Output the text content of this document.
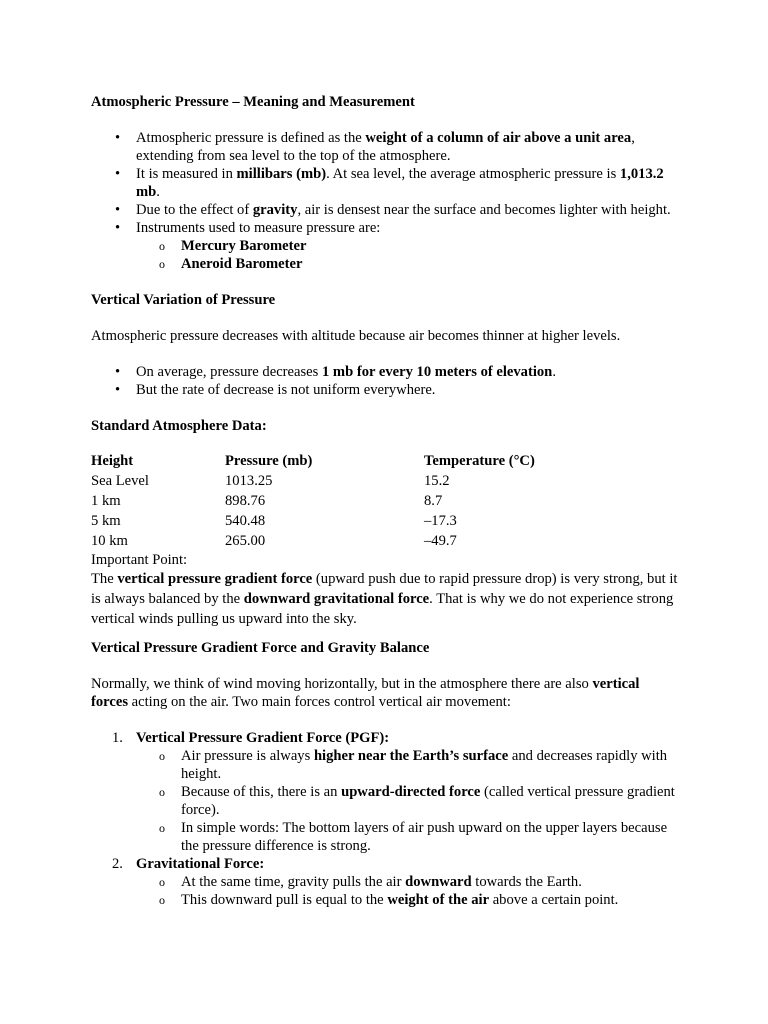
Atmospheric Pressure – Meaning and Measurement
• Atmospheric pressure is defined as the weight of a column of air above a unit area, extending from sea level to the top of the atmosphere.
• It is measured in millibars (mb). At sea level, the average atmospheric pressure is 1,013.2 mb.
• Due to the effect of gravity, air is densest near the surface and becomes lighter with height.
• Instruments used to measure pressure are:
o Mercury Barometer
o Aneroid Barometer
Vertical Variation of Pressure

Atmospheric pressure decreases with altitude because air becomes thinner at higher levels.

• On average, pressure decreases 1 mb for every 10 meters of elevation.
• But the rate of decrease is not uniform everywhere.
Standard Atmosphere Data:
Height	Pressure (mb)	Temperature (°C)
Sea Level	1013.25	15.2
1 km	898.76	8.7
5 km	540.48	–17.3
10 km	265.00	–49.7

Important Point:

The vertical pressure gradient force (upward push due to rapid pressure drop) is very strong, but it is always balanced by the downward gravitational force. That is why we do not experience strong vertical winds pulling us upward into the sky.

Vertical Pressure Gradient Force and Gravity Balance

Normally, we think of wind moving horizontally, but in the atmosphere there are also vertical forces acting on the air. Two main forces control vertical air movement:

1. Vertical Pressure Gradient Force (PGF):
o Air pressure is always higher near the Earth’s surface and decreases rapidly with height.
o Because of this, there is an upward-directed force (called vertical pressure gradient force).
o In simple words: The bottom layers of air push upward on the upper layers because the pressure difference is strong.
2. Gravitational Force:
o At the same time, gravity pulls the air downward towards the Earth.
o This downward pull is equal to the weight of the air above a certain point.
